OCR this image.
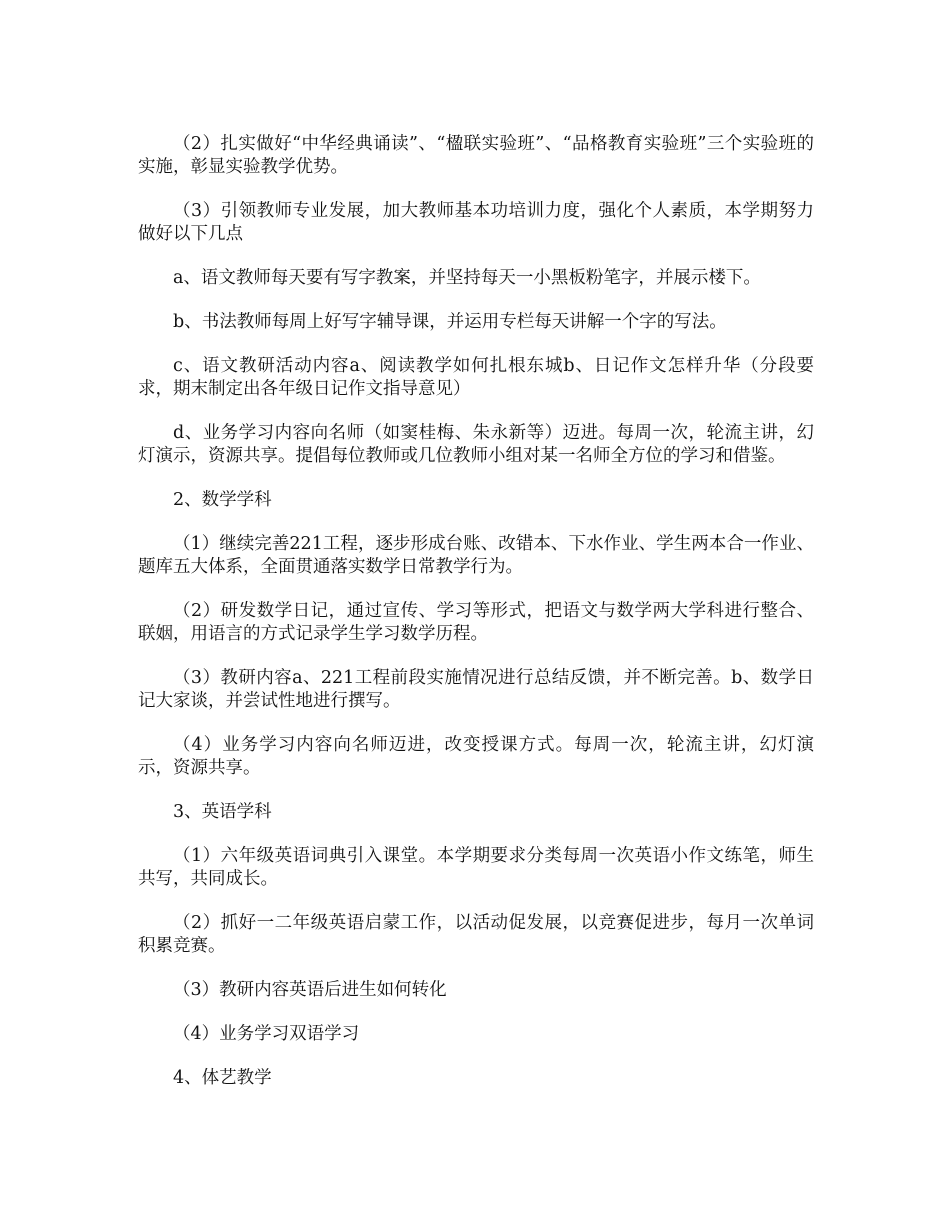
（2）扎实做好“中华经典诵读”、“楹联实验班”、“品格教育实验班”三个实验班的实施，彰显实验教学优势。

（3）引领教师专业发展，加大教师基本功培训力度，强化个人素质，本学期努力做好以下几点

a、语文教师每天要有写字教案，并坚持每天一小黑板粉笔字，并展示楼下。

b、书法教师每周上好写字辅导课，并运用专栏每天讲解一个字的写法。

c、语文教研活动内容a、阅读教学如何扎根东城b、日记作文怎样升华（分段要求，期末制定出各年级日记作文指导意见）

d、业务学习内容向名师（如窦桂梅、朱永新等）迈进。每周一次，轮流主讲，幻灯演示，资源共享。提倡每位教师或几位教师小组对某一名师全方位的学习和借鉴。

2、数学学科

（1）继续完善221工程，逐步形成台账、改错本、下水作业、学生两本合一作业、题库五大体系，全面贯通落实数学日常教学行为。

（2）研发数学日记，通过宣传、学习等形式，把语文与数学两大学科进行整合、联姻，用语言的方式记录学生学习数学历程。

（3）教研内容a、221工程前段实施情况进行总结反馈，并不断完善。b、数学日记大家谈，并尝试性地进行撰写。

（4）业务学习内容向名师迈进，改变授课方式。每周一次，轮流主讲，幻灯演示，资源共享。

3、英语学科

（1）六年级英语词典引入课堂。本学期要求分类每周一次英语小作文练笔，师生共写，共同成长。

（2）抓好一二年级英语启蒙工作，以活动促发展，以竞赛促进步，每月一次单词积累竞赛。

（3）教研内容英语后进生如何转化

（4）业务学习双语学习

4、体艺教学
